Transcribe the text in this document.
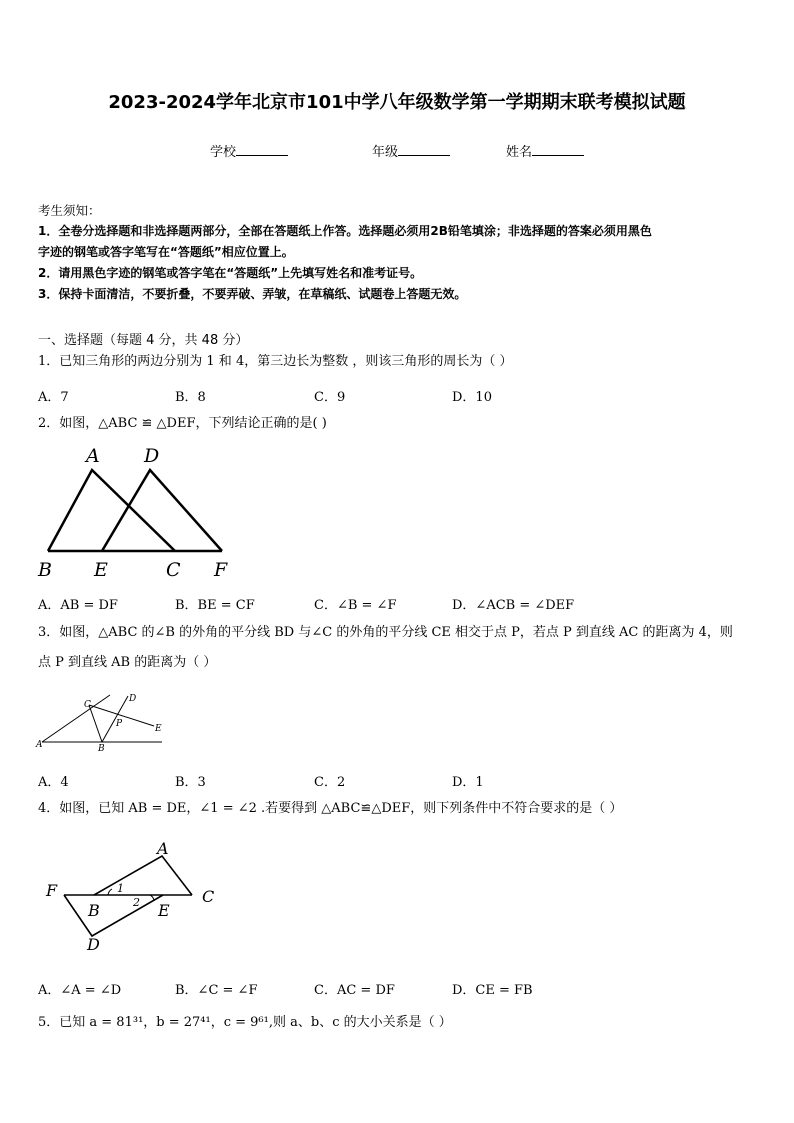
2023-2024学年北京市101中学八年级数学第一学期期末联考模拟试题
学校	年级	姓名
考生须知：
1．全卷分选择题和非选择题两部分，全部在答题纸上作答。选择题必须用2B铅笔填涂；非选择题的答案必须用黑色
字迹的钢笔或答字笔写在“答题纸”相应位置上。
2．请用黑色字迹的钢笔或答字笔在“答题纸”上先填写姓名和准考证号。
3．保持卡面清洁，不要折叠，不要弄破、弄皱，在草稿纸、试题卷上答题无效。
一、选择题（每题 4 分，共 48 分）
1．已知三角形的两边分别为 1 和 4，第三边长为整数 ，则该三角形的周长为（ ）
A．7	B．8	C．9	D．10
2．如图，△ABC ≌ △DEF，下列结论正确的是( )
A D
B E	C F
A．AB = DF	B．BE = CF	C．∠B = ∠F	D．∠ACB = ∠DEF
3．如图，△ABC 的∠B 的外角的平分线 BD 与∠C 的外角的平分线 CE 相交于点 P，若点 P 到直线 AC 的距离为 4，则
点 P 到直线 AB 的距离为（ ）
C
D
P	E
A	B
A．4	B．3	C．2	D．1
4．如图，已知 AB = DE，∠1 = ∠2 .若要得到 △ABC≌△DEF，则下列条件中不符合要求的是（ ）
A
F	1	C
B	2 E
D
A．∠A = ∠D	B．∠C = ∠F	C．AC = DF	D．CE = FB
5．已知 a = 81³¹，b = 27⁴¹，c = 9⁶¹,则 a、b、c 的大小关系是（ ）
